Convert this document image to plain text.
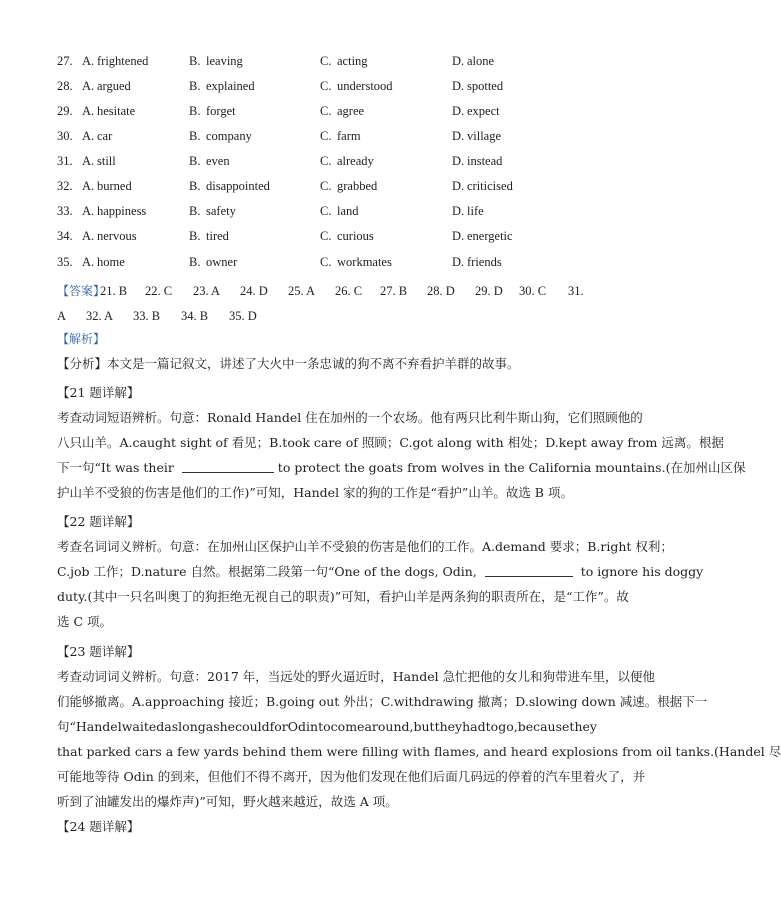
27. A. frightened	B. leaving	C. acting	D. alone
28. A. argued	B. explained	C. understood	D. spotted
29. A. hesitate	B. forget	C. agree	D. expect
30. A. car	B. company	C. farm	D. village
31. A. still	B. even	C. already	D. instead
32. A. burned	B. disappointed	C. grabbed	D. criticised
33. A. happiness	B. safety	C. land	D. life
34. A. nervous	B. tired	C. curious	D. energetic
35. A. home	B. owner	C. workmates	D. friends
【答案】
21. B 22. C 23. A 24. D 25. A 26. C 27. B 28. D 29. D 30. C 31.
A 32. A 33. B 34. B 35. D
【解析】
【分析】本文是一篇记叙文，讲述了大火中一条忠诚的狗不离不弃看护羊群的故事。
【21 题详解】
考查动词短语辨析。句意：Ronald Handel 住在加州的一个农场。他有两只比利牛斯山狗，它们照顾他的
八只山羊。A.caught sight of 看见；B.took care of 照顾；C.got along with 相处；D.kept away from 远离。根据
下一句“It was their	to protect the goats from wolves in the California mountains.(在加州山区保
护山羊不受狼的伤害是他们的工作)”可知，Handel 家的狗的工作是“看护”山羊。故选 B 项。
【22 题详解】
考查名词词义辨析。句意：在加州山区保护山羊不受狼的伤害是他们的工作。A.demand 要求；B.right 权利；
C.job 工作；D.nature 自然。根据第二段第一句“One of the dogs, Odin,	to ignore his doggy
duty.(其中一只名叫奥丁的狗拒绝无视自己的职责)”可知，看护山羊是两条狗的职责所在，是“工作”。故
选 C 项。
【23 题详解】
考查动词词义辨析。句意：2017 年，当远处的野火逼近时，Handel 急忙把他的女儿和狗带进车里，以便他
们能够撤离。A.approaching 接近；B.going out 外出；C.withdrawing 撤离；D.slowing down 减速。根据下一
句 “Handel waited as long as he could for Odin to come around, but they had to go, because they
that parked cars a few yards behind them were filling with flames, and heard explosions from oil tanks.(Handel 尽
可能地等待 Odin 的到来，但他们不得不离开，因为他们发现在他们后面几码远的停着的汽车里着火了，并
听到了油罐发出的爆炸声)”可知，野火越来越近，故选 A 项。
【24 题详解】
